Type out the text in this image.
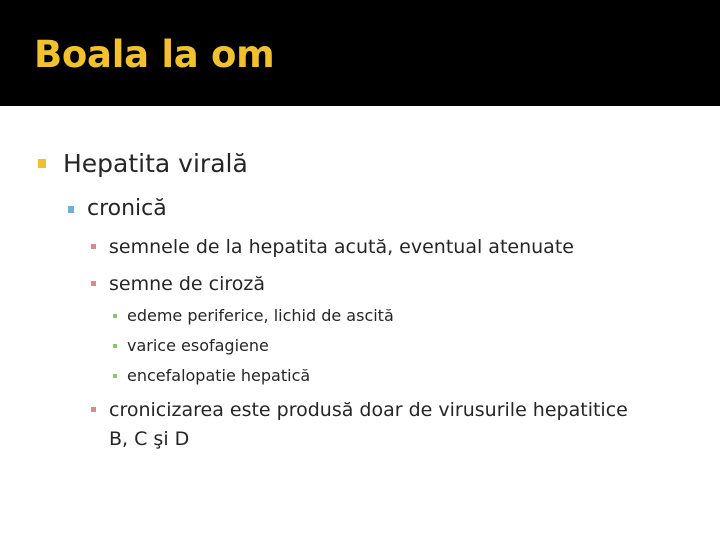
Boala la om
Hepatita virală
cronică
semnele de la hepatita acută, eventual atenuate
semne de ciroză
edeme periferice, lichid de ascită
varice esofagiene
encefalopatie hepatică
cronicizarea este produsă doar de virusurile hepatitice
B, C şi D
